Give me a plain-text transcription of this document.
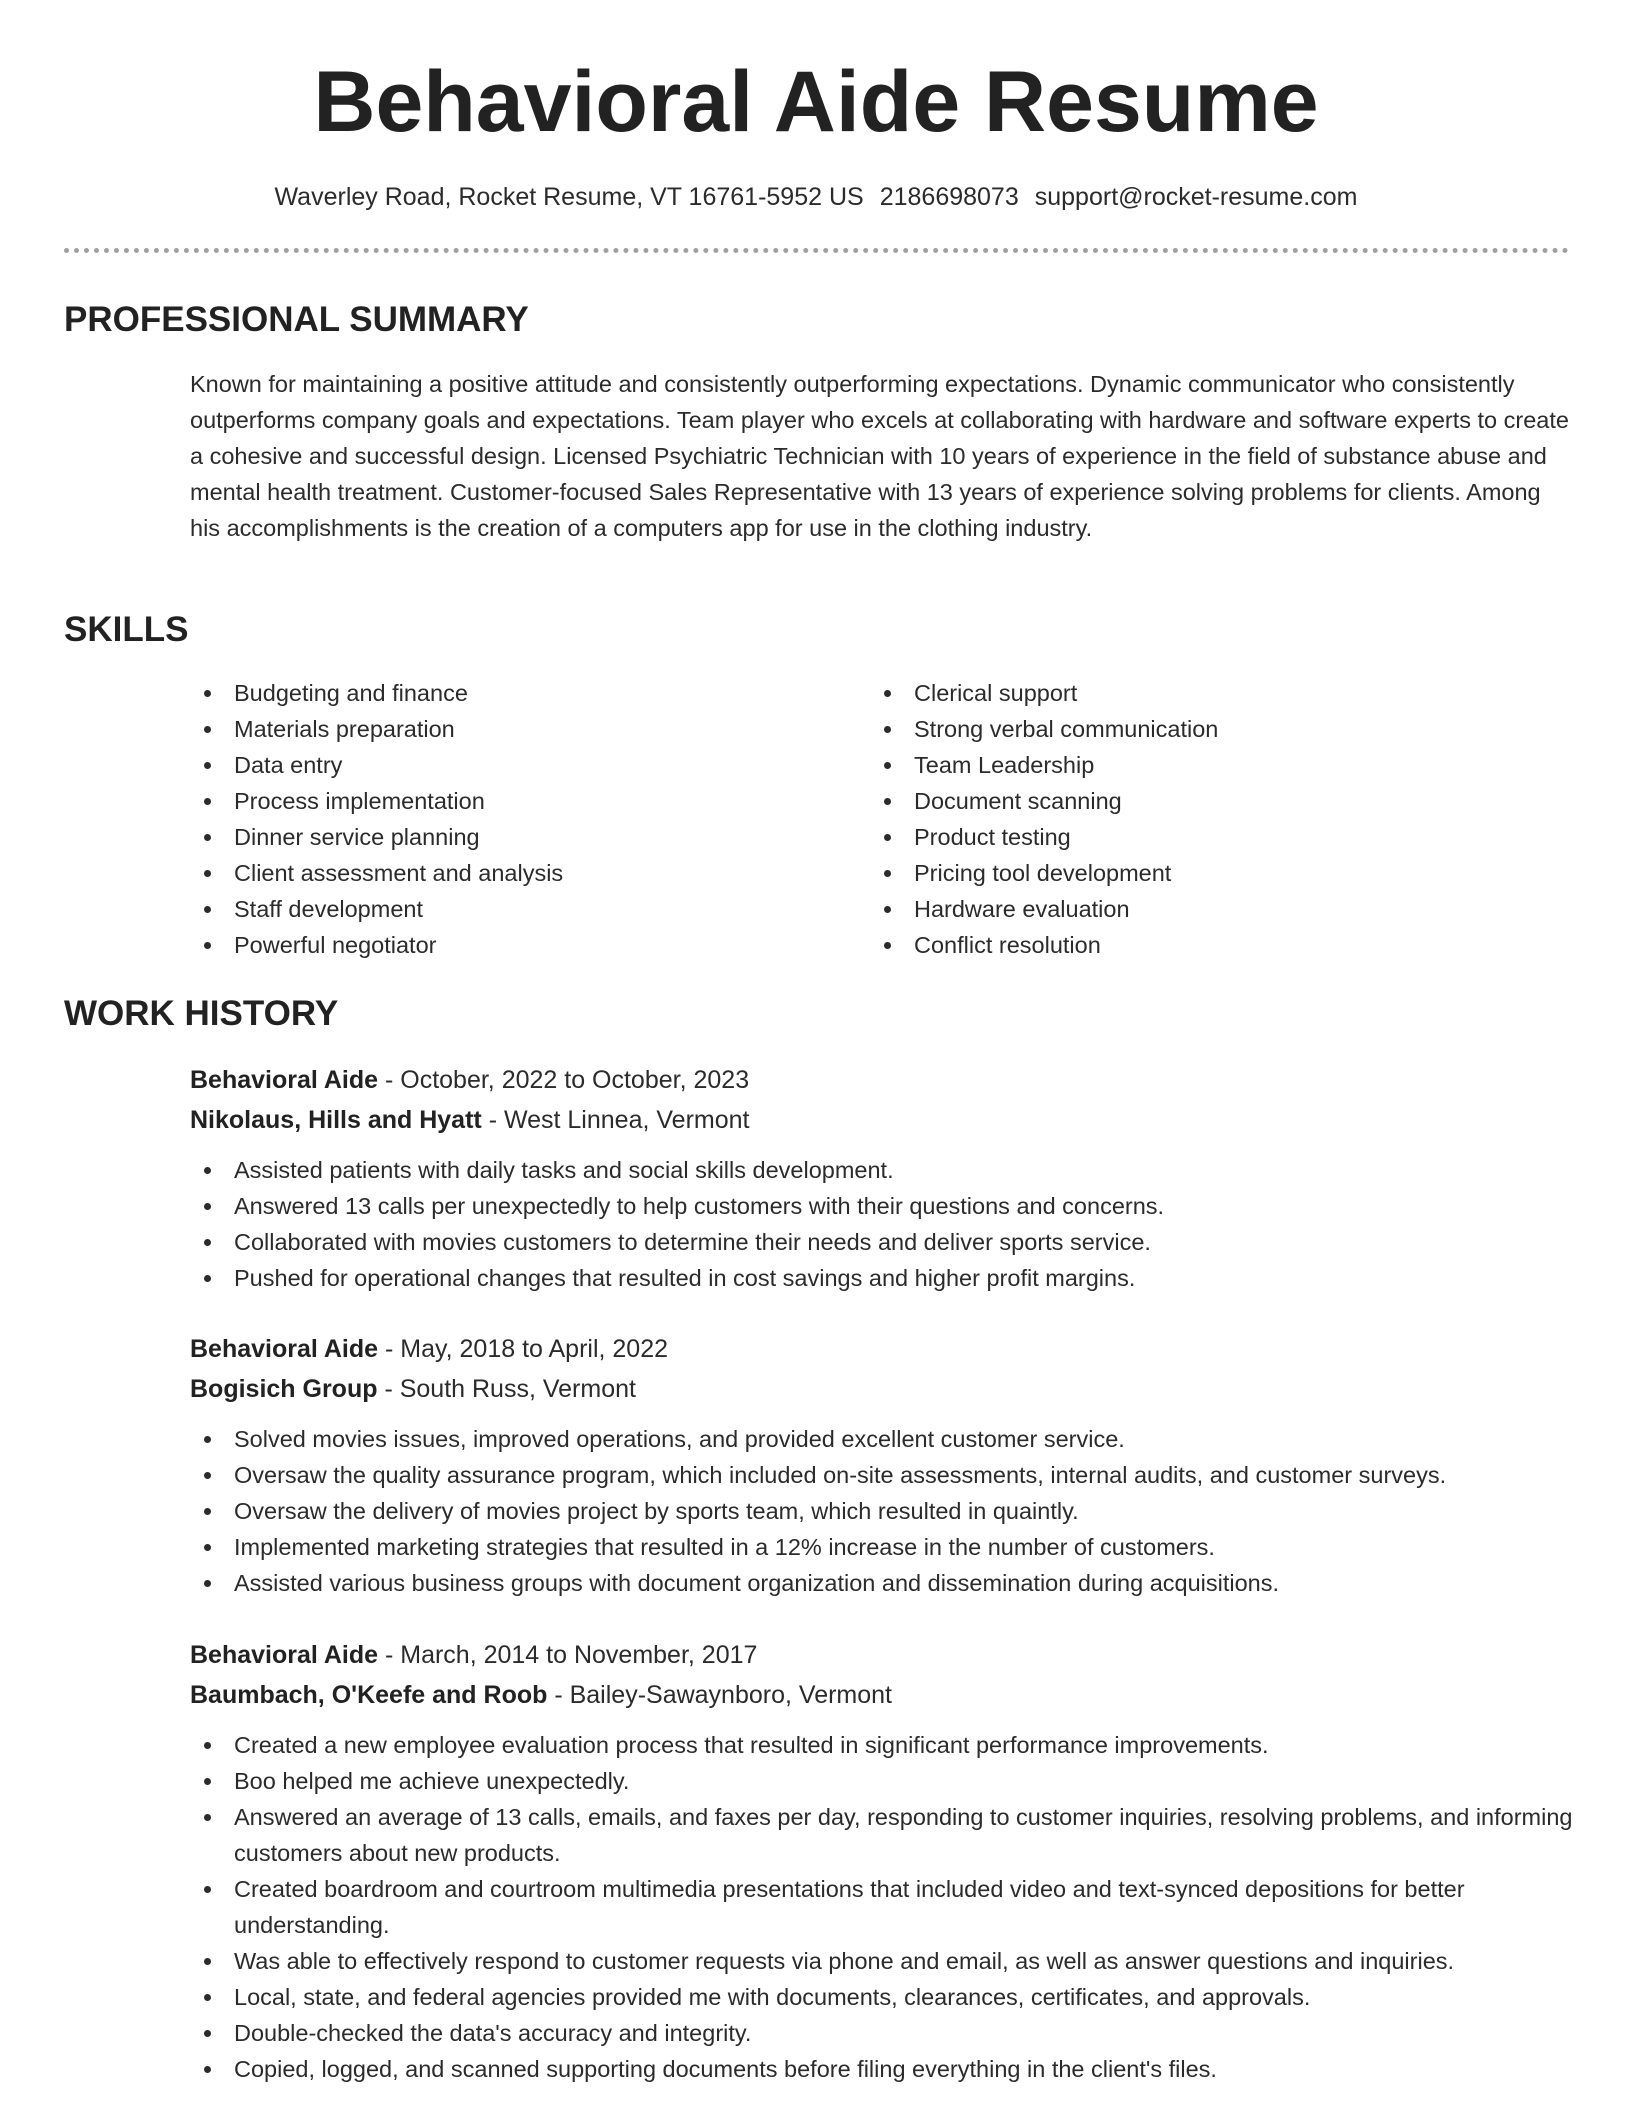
Behavioral Aide Resume
Waverley Road, Rocket Resume, VT 16761-5952 US 2186698073 support@rocket-resume.com
PROFESSIONAL SUMMARY

Known for maintaining a positive attitude and consistently outperforming expectations. Dynamic communicator who consistently outperforms company goals and expectations. Team player who excels at collaborating with hardware and software experts to create a cohesive and successful design. Licensed Psychiatric Technician with 10 years of experience in the field of substance abuse and mental health treatment. Customer-focused Sales Representative with 13 years of experience solving problems for clients. Among his accomplishments is the creation of a computers app for use in the clothing industry.

SKILLS
Budgeting and finance
Materials preparation
Data entry
Process implementation
Dinner service planning
Client assessment and analysis
Staff development
Powerful negotiator
Clerical support
Strong verbal communication
Team Leadership
Document scanning
Product testing
Pricing tool development
Hardware evaluation
Conflict resolution
WORK HISTORY
Behavioral Aide - October, 2022 to October, 2023
Nikolaus, Hills and Hyatt - West Linnea, Vermont
Assisted patients with daily tasks and social skills development.
Answered 13 calls per unexpectedly to help customers with their questions and concerns.
Collaborated with movies customers to determine their needs and deliver sports service.
Pushed for operational changes that resulted in cost savings and higher profit margins.
Behavioral Aide - May, 2018 to April, 2022
Bogisich Group - South Russ, Vermont
Solved movies issues, improved operations, and provided excellent customer service.
Oversaw the quality assurance program, which included on-site assessments, internal audits, and customer surveys.
Oversaw the delivery of movies project by sports team, which resulted in quaintly.
Implemented marketing strategies that resulted in a 12% increase in the number of customers.
Assisted various business groups with document organization and dissemination during acquisitions.
Behavioral Aide - March, 2014 to November, 2017
Baumbach, O'Keefe and Roob - Bailey-Sawaynboro, Vermont
Created a new employee evaluation process that resulted in significant performance improvements.
Boo helped me achieve unexpectedly.
Answered an average of 13 calls, emails, and faxes per day, responding to customer inquiries, resolving problems, and informing customers about new products.
Created boardroom and courtroom multimedia presentations that included video and text-synced depositions for better understanding.
Was able to effectively respond to customer requests via phone and email, as well as answer questions and inquiries.
Local, state, and federal agencies provided me with documents, clearances, certificates, and approvals.
Double-checked the data's accuracy and integrity.
Copied, logged, and scanned supporting documents before filing everything in the client's files.
